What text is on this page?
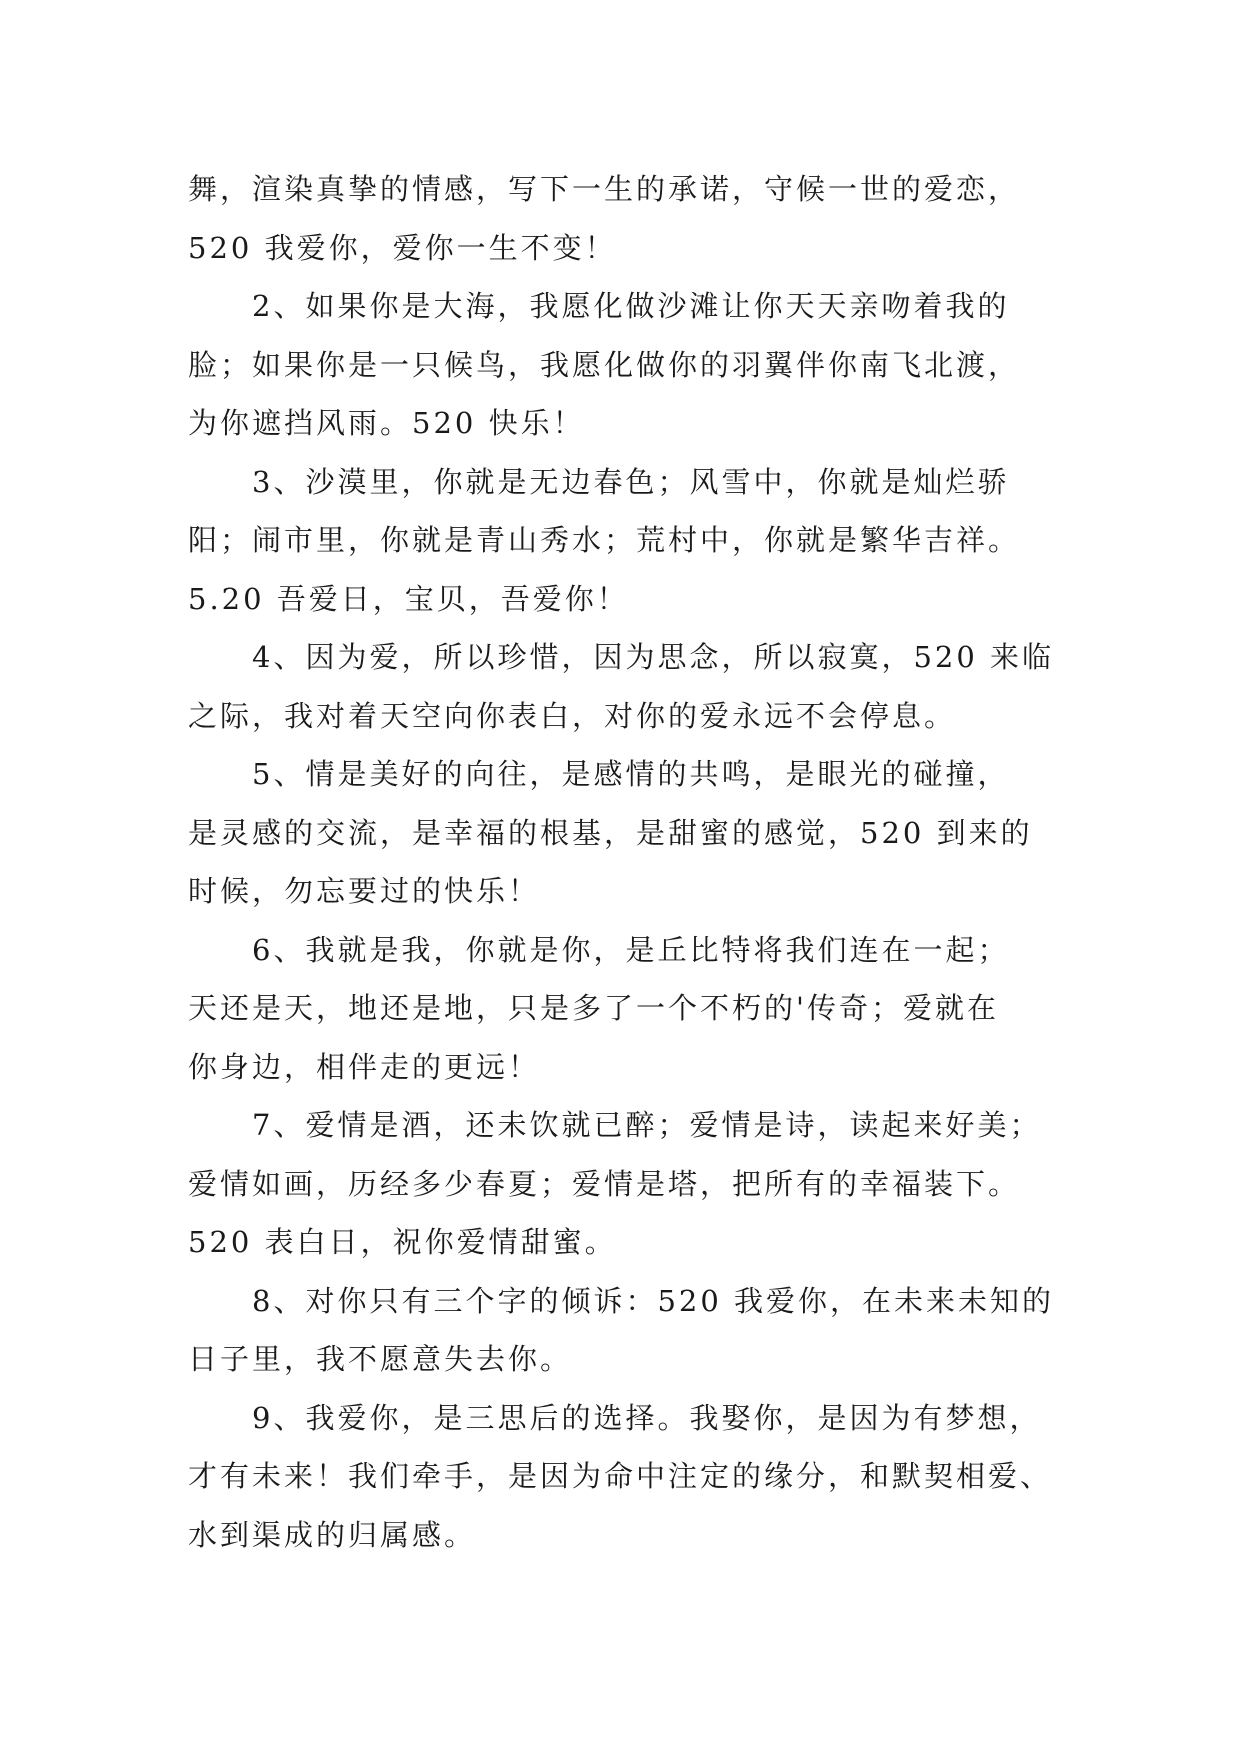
舞，渲染真挚的情感，写下一生的承诺，守候一世的爱恋，
520 我爱你，爱你一生不变！

2、如果你是大海，我愿化做沙滩让你天天亲吻着我的
脸；如果你是一只候鸟，我愿化做你的羽翼伴你南飞北渡，
为你遮挡风雨。520 快乐！

3、沙漠里，你就是无边春色；风雪中，你就是灿烂骄
阳；闹市里，你就是青山秀水；荒村中，你就是繁华吉祥。
5.20 吾爱日，宝贝，吾爱你！

4、因为爱，所以珍惜，因为思念，所以寂寞，520 来临
之际，我对着天空向你表白，对你的爱永远不会停息。

5、情是美好的向往，是感情的共鸣，是眼光的碰撞，
是灵感的交流，是幸福的根基，是甜蜜的感觉，520 到来的
时候，勿忘要过的快乐！

6、我就是我，你就是你，是丘比特将我们连在一起；
天还是天，地还是地，只是多了一个不朽的'传奇；爱就在
你身边，相伴走的更远！

7、爱情是酒，还未饮就已醉；爱情是诗，读起来好美；
爱情如画，历经多少春夏；爱情是塔，把所有的幸福装下。
520 表白日，祝你爱情甜蜜。

8、对你只有三个字的倾诉：520 我爱你，在未来未知的
日子里，我不愿意失去你。

9、我爱你，是三思后的选择。我娶你，是因为有梦想，
才有未来！我们牵手，是因为命中注定的缘分，和默契相爱、
水到渠成的归属感。
